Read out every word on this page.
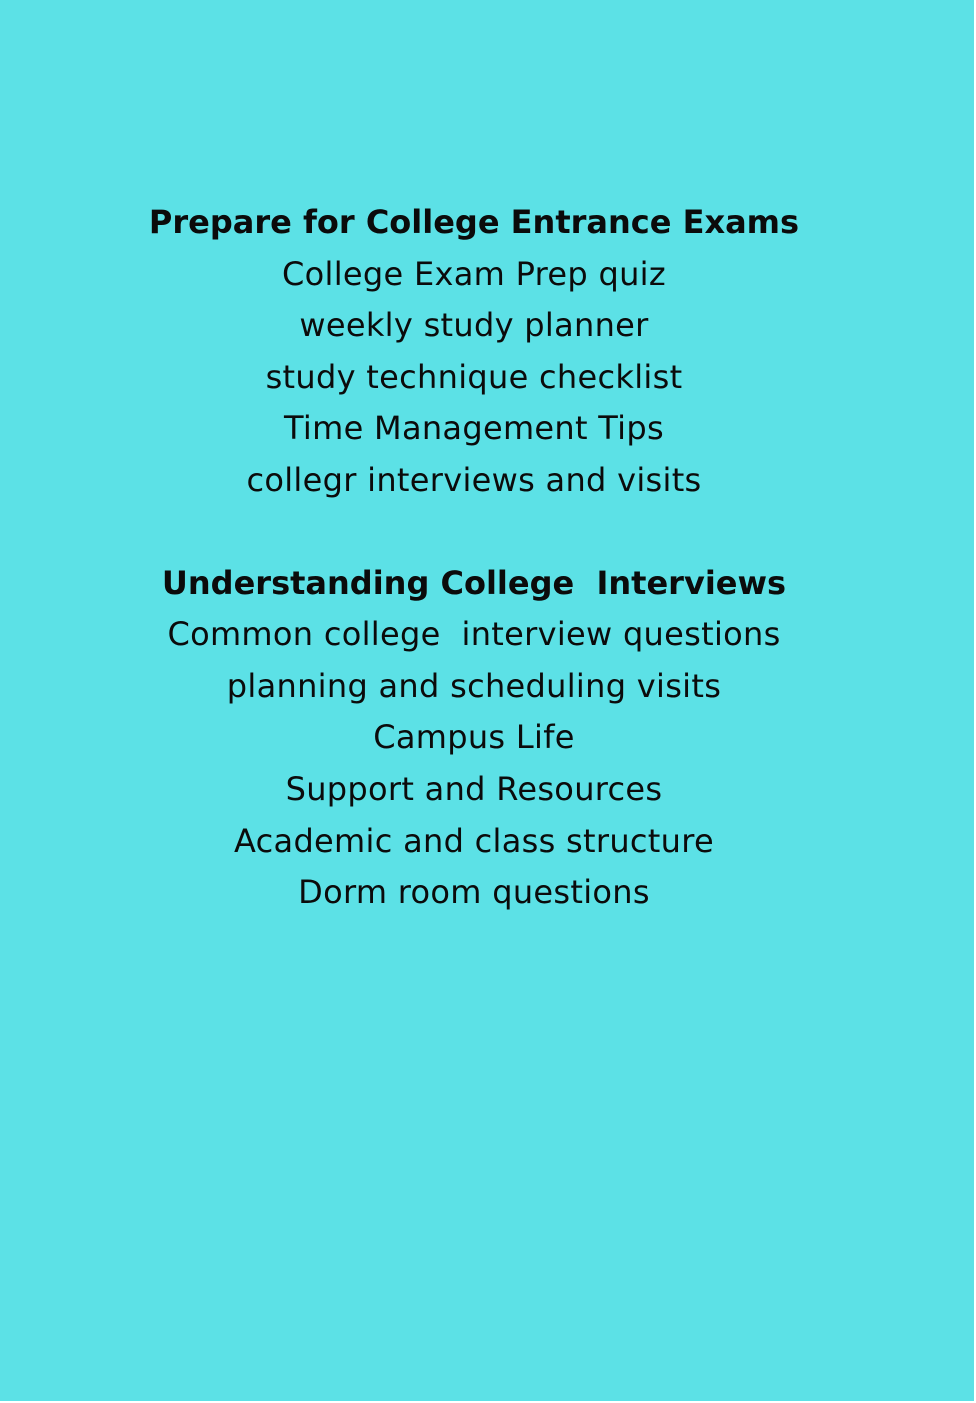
Prepare for College Entrance Exams

College Exam Prep quiz

weekly study planner

study technique checklist

Time Management Tips

collegr interviews and visits

Understanding College  Interviews

Common college  interview questions

planning and scheduling visits

Campus Life

Support and Resources

Academic and class structure

Dorm room questions
